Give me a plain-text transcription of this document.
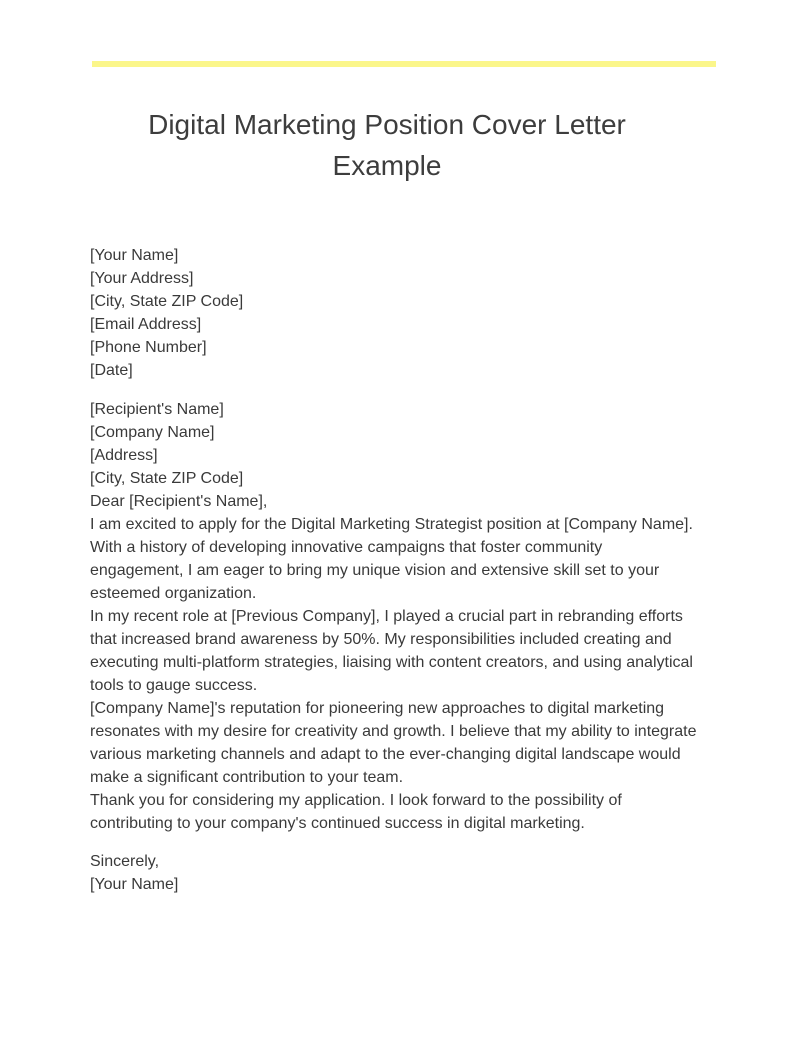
Digital Marketing Position Cover Letter Example
[Your Name]
[Your Address]
[City, State ZIP Code]
[Email Address]
[Phone Number]
[Date]
[Recipient's Name]
[Company Name]
[Address]
[City, State ZIP Code]
Dear [Recipient's Name],

I am excited to apply for the Digital Marketing Strategist position at [Company Name]. With a history of developing innovative campaigns that foster community engagement, I am eager to bring my unique vision and extensive skill set to your esteemed organization.

In my recent role at [Previous Company], I played a crucial part in rebranding efforts that increased brand awareness by 50%. My responsibilities included creating and executing multi-platform strategies, liaising with content creators, and using analytical tools to gauge success.

[Company Name]'s reputation for pioneering new approaches to digital marketing resonates with my desire for creativity and growth. I believe that my ability to integrate various marketing channels and adapt to the ever-changing digital landscape would make a significant contribution to your team.

Thank you for considering my application. I look forward to the possibility of contributing to your company's continued success in digital marketing.

Sincerely,
[Your Name]
